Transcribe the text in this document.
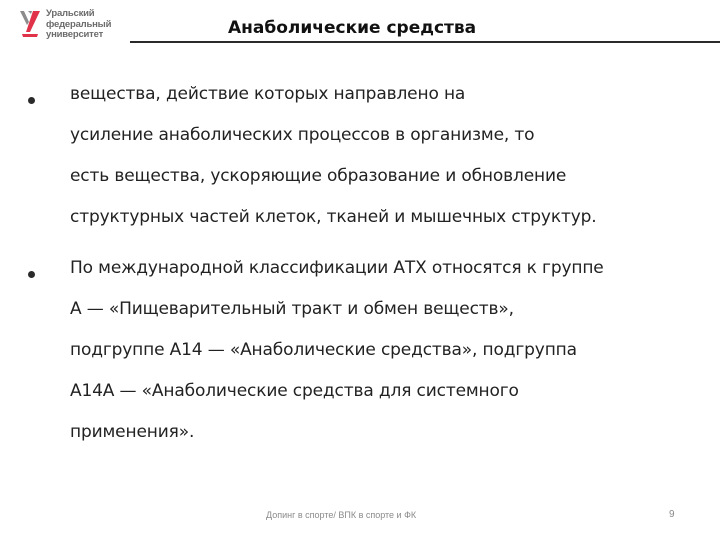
Уральский
федеральный
университет	Анаболические средства
вещества, действие которых направлено на
усиление анаболических процессов в организме, то
есть вещества, ускоряющие образование и обновление
структурных частей клеток, тканей и мышечных структур.
По международной классификации АТХ относятся к группе
А — «Пищеварительный тракт и обмен веществ»,
подгруппе А14 — «Анаболические средства», подгруппа
А14А — «Анаболические средства для системного
применения».
Допинг в спорте/ ВПК в спорте и ФК	9
